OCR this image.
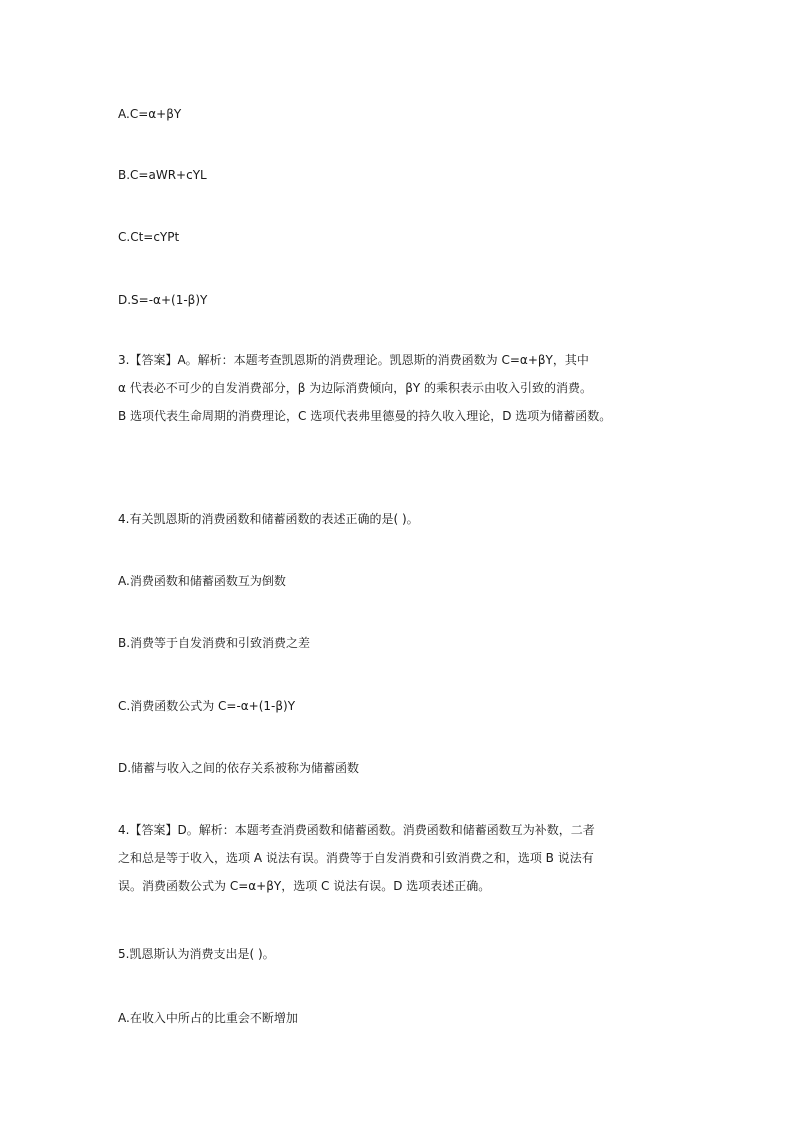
A.C=α+βY
B.C=aWR+cYL
C.Ct=cYPt
D.S=-α+(1-β)Y
3.【答案】A。解析：本题考查凯恩斯的消费理论。凯恩斯的消费函数为 C=α+βY，其中
α 代表必不可少的自发消费部分，β 为边际消费倾向，βY 的乘积表示由收入引致的消费。
B 选项代表生命周期的消费理论，C 选项代表弗里德曼的持久收入理论，D 选项为储蓄函数。
4.有关凯恩斯的消费函数和储蓄函数的表述正确的是( )。
A.消费函数和储蓄函数互为倒数
B.消费等于自发消费和引致消费之差
C.消费函数公式为 C=-α+(1-β)Y
D.储蓄与收入之间的依存关系被称为储蓄函数
4.【答案】D。解析：本题考查消费函数和储蓄函数。消费函数和储蓄函数互为补数，二者
之和总是等于收入，选项 A 说法有误。消费等于自发消费和引致消费之和，选项 B 说法有
误。消费函数公式为 C=α+βY，选项 C 说法有误。D 选项表述正确。
5.凯恩斯认为消费支出是( )。
A.在收入中所占的比重会不断增加
